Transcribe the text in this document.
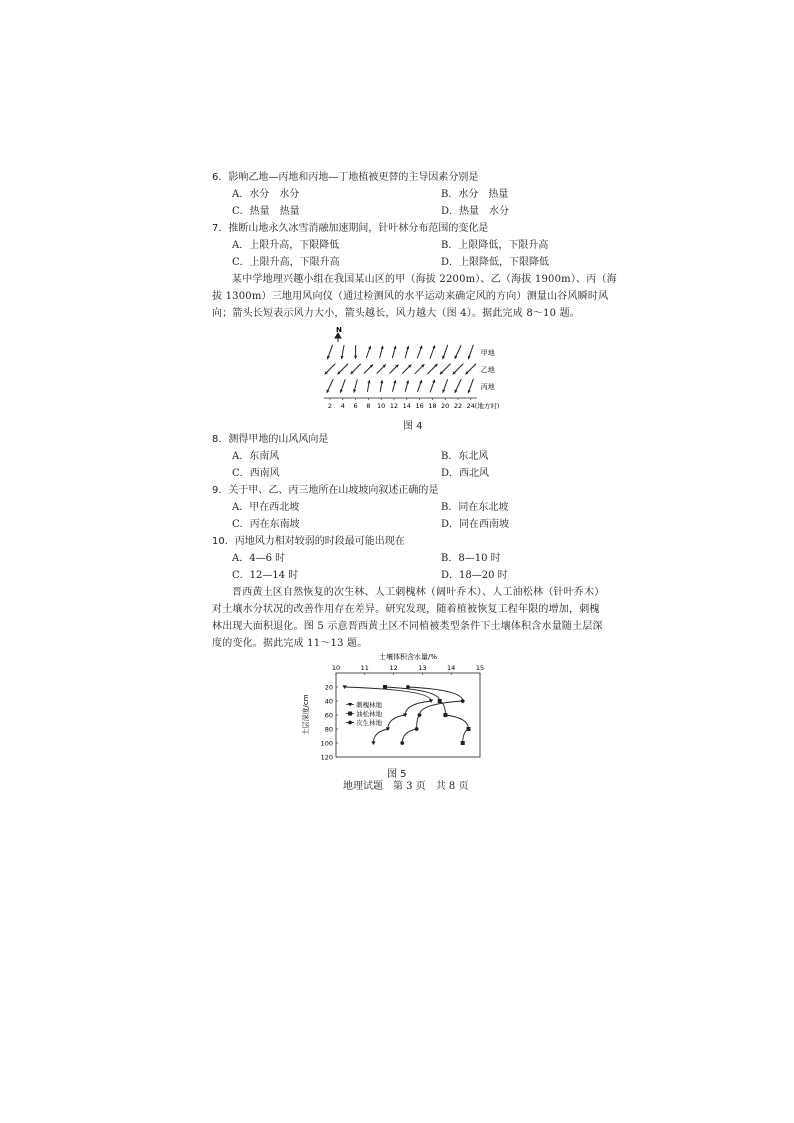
6．影响乙地—丙地和丙地—丁地植被更替的主导因素分别是
A．水分　水分	B．水分　热量
C．热量　热量	D．热量　水分
7．推断山地永久冰雪消融加速期间，针叶林分布范围的变化是
A．上限升高，下限降低	B．上限降低，下限升高
C．上限升高，下限升高	D．上限降低，下限降低
某中学地理兴趣小组在我国某山区的甲（海拔 2200m）、乙（海拔 1900m）、丙（海
拔 1300m）三地用风向仪（通过检测风的水平运动来确定风的方向）测量山谷风瞬时风
向；箭头长短表示风力大小，箭头越长，风力越大（图 4）。据此完成 8～10 题。
N
甲地
乙地
丙地
2 4 6 8 10 12 14 16 18 20 22 24 (地方时)
图 4
8．测得甲地的山风风向是
A．东南风	B．东北风
C．西南风	D．西北风
9．关于甲、乙、丙三地所在山坡坡向叙述正确的是
A．甲在西北坡	B．同在东北坡
C．丙在东南坡	D．同在西南坡
10．丙地风力相对较弱的时段最可能出现在
A．4—6 时	B．8—10 时
C．12—14 时	D．18—20 时
晋西黄土区自然恢复的次生林、人工刺槐林（阔叶乔木）、人工油松林（针叶乔木）
对土壤水分状况的改善作用存在差异。研究发现，随着植被恢复工程年限的增加，刺槐
林出现大面积退化。图 5 示意晋西黄土区不同植被类型条件下土壤体积含水量随土层深
度的变化。据此完成 11～13 题。
土壤体积含水量/%
10	11	12	13	14	15
20
40
60
80
100
120
土层深度/cm	刺槐林地
油松林地
次生林地
图 5
地理试题　第 3 页　共 8 页
